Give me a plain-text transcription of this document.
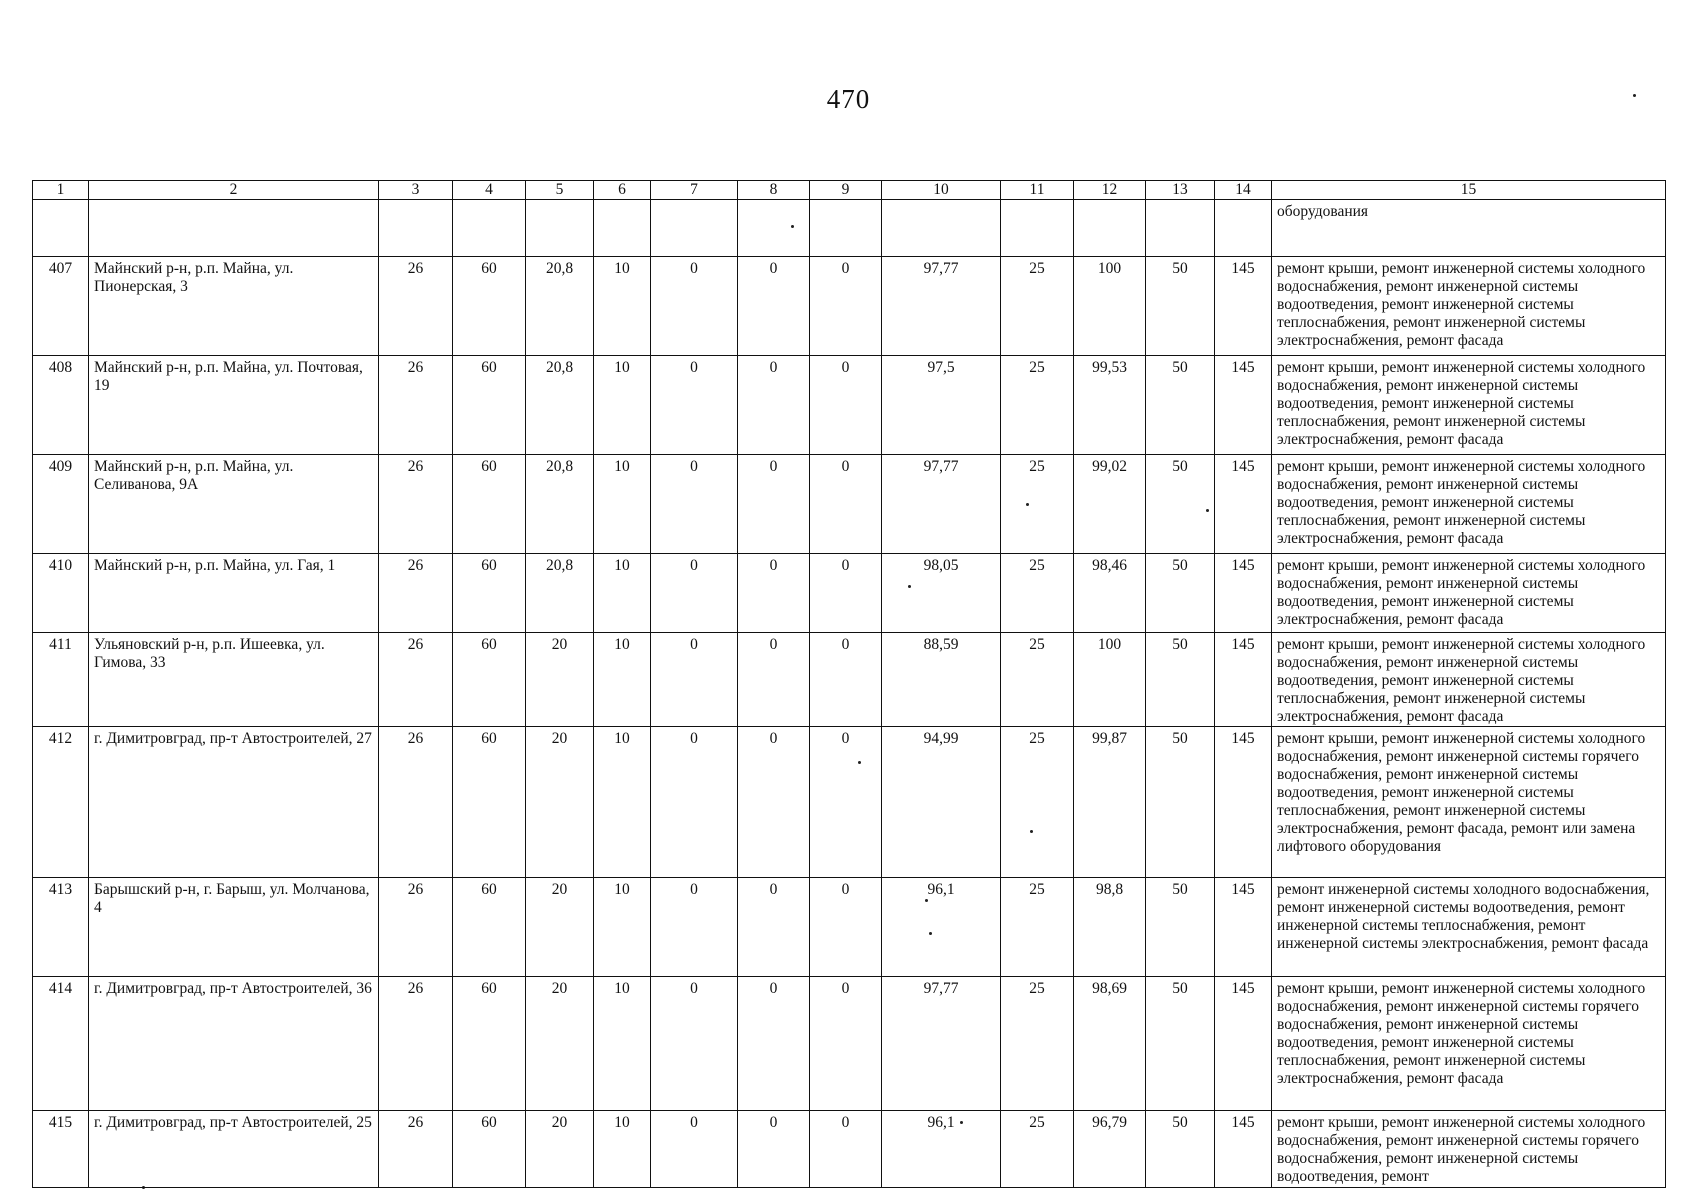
470
1	2	3	4	5	6	7	8	9	10	11	12	13	14	15
														оборудования
407	Майнский р-н, р.п. Майна, ул. Пионерская, 3	26	60	20,8	10	0	0	0	97,77	25	100	50	145	ремонт крыши, ремонт инженерной системы холодного водоснабжения, ремонт инженерной системы водоотведения, ремонт инженерной системы теплоснабжения, ремонт инженерной системы электроснабжения, ремонт фасада
408	Майнский р-н, р.п. Майна, ул. Почтовая, 19	26	60	20,8	10	0	0	0	97,5	25	99,53	50	145	ремонт крыши, ремонт инженерной системы холодного водоснабжения, ремонт инженерной системы водоотведения, ремонт инженерной системы теплоснабжения, ремонт инженерной системы электроснабжения, ремонт фасада
409	Майнский р-н, р.п. Майна, ул. Селиванова, 9А	26	60	20,8	10	0	0	0	97,77	25	99,02	50	145	ремонт крыши, ремонт инженерной системы холодного водоснабжения, ремонт инженерной системы водоотведения, ремонт инженерной системы теплоснабжения, ремонт инженерной системы электроснабжения, ремонт фасада
410	Майнский р-н, р.п. Майна, ул. Гая, 1	26	60	20,8	10	0	0	0	98,05	25	98,46	50	145	ремонт крыши, ремонт инженерной системы холодного водоснабжения, ремонт инженерной системы водоотведения, ремонт инженерной системы электроснабжения, ремонт фасада
411	Ульяновский р-н, р.п. Ишеевка, ул. Гимова, 33	26	60	20	10	0	0	0	88,59	25	100	50	145	ремонт крыши, ремонт инженерной системы холодного водоснабжения, ремонт инженерной системы водоотведения, ремонт инженерной системы теплоснабжения, ремонт инженерной системы электроснабжения, ремонт фасада
412	г. Димитровград, пр-т Автостроителей, 27	26	60	20	10	0	0	0	94,99	25	99,87	50	145	ремонт крыши, ремонт инженерной системы холодного водоснабжения, ремонт инженерной системы горячего водоснабжения, ремонт инженерной системы водоотведения, ремонт инженерной системы теплоснабжения, ремонт инженерной системы электроснабжения, ремонт фасада, ремонт или замена лифтового оборудования
413	Барышский р-н, г. Барыш, ул. Молчанова, 4	26	60	20	10	0	0	0	96,1	25	98,8	50	145	ремонт инженерной системы холодного водоснабжения, ремонт инженерной системы водоотведения, ремонт инженерной системы теплоснабжения, ремонт инженерной системы электроснабжения, ремонт фасада
414	г. Димитровград, пр-т Автостроителей, 36	26	60	20	10	0	0	0	97,77	25	98,69	50	145	ремонт крыши, ремонт инженерной системы холодного водоснабжения, ремонт инженерной системы горячего водоснабжения, ремонт инженерной системы водоотведения, ремонт инженерной системы теплоснабжения, ремонт инженерной системы электроснабжения, ремонт фасада
415	г. Димитровград, пр-т Автостроителей, 25	26	60	20	10	0	0	0	96,1	25	96,79	50	145	ремонт крыши, ремонт инженерной системы холодного водоснабжения, ремонт инженерной системы горячего водоснабжения, ремонт инженерной системы водоотведения, ремонт
